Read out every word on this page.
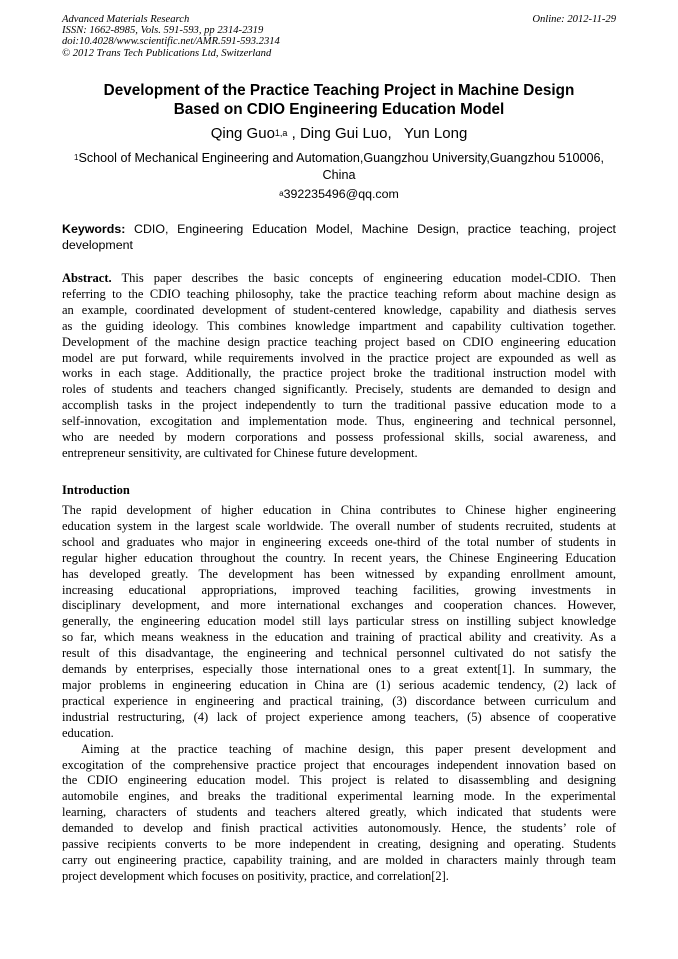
Advanced Materials Research
ISSN: 1662-8985, Vols. 591-593, pp 2314-2319
doi:10.4028/www.scientific.net/AMR.591-593.2314
© 2012 Trans Tech Publications Ltd, Switzerland
Online: 2012-11-29
Development of the Practice Teaching Project in Machine Design
Based on CDIO Engineering Education Model
Qing Guo$^{1,a}$ , Ding Gui Luo,   Yun Long
$^1$School of Mechanical Engineering and Automation,Guangzhou University,Guangzhou 510006,
China
$^a$392235496@qq.com
Keywords: CDIO, Engineering Education Model, Machine Design, practice teaching, project
development
Abstract. This paper describes the basic concepts of engineering education model-CDIO. Then
referring to the CDIO teaching philosophy, take the practice teaching reform about machine design as
an example, coordinated development of student-centered knowledge, capability and diathesis serves
as the guiding ideology. This combines knowledge impartment and capability cultivation together.
Development of the machine design practice teaching project based on CDIO engineering education
model are put forward, while requirements involved in the practice project are expounded as well as
works in each stage. Additionally, the practice project broke the traditional instruction model with
roles of students and teachers changed significantly. Precisely, students are demanded to design and
accomplish tasks in the project independently to turn the traditional passive education mode to a
self-innovation, excogitation and implementation mode. Thus, engineering and technical personnel,
who are needed by modern corporations and possess professional skills, social awareness, and
entrepreneur sensitivity, are cultivated for Chinese future development.
Introduction
The rapid development of higher education in China contributes to Chinese higher engineering
education system in the largest scale worldwide. The overall number of students recruited, students at
school and graduates who major in engineering exceeds one-third of the total number of students in
regular higher education throughout the country. In recent years, the Chinese Engineering Education
has developed greatly. The development has been witnessed by expanding enrollment amount,
increasing educational appropriations, improved teaching facilities, growing investments in
disciplinary development, and more international exchanges and cooperation chances. However,
generally, the engineering education model still lays particular stress on instilling subject knowledge
so far, which means weakness in the education and training of practical ability and creativity. As a
result of this disadvantage, the engineering and technical personnel cultivated do not satisfy the
demands by enterprises, especially those international ones to a great extent[1]. In summary, the
major problems in engineering education in China are (1) serious academic tendency, (2) lack of
practical experience in engineering and practical training, (3) discordance between curriculum and
industrial restructuring, (4) lack of project experience among teachers, (5) absence of cooperative
education.
Aiming at the practice teaching of machine design, this paper present development and
excogitation of the comprehensive practice project that encourages independent innovation based on
the CDIO engineering education model. This project is related to disassembling and designing
automobile engines, and breaks the traditional experimental learning mode. In the experimental
learning, characters of students and teachers altered greatly, which indicated that students were
demanded to develop and finish practical activities autonomously. Hence, the students’ role of
passive recipients converts to be more independent in creating, designing and operating. Students
carry out engineering practice, capability training, and are molded in characters mainly through team
project development which focuses on positivity, practice, and correlation[2].
